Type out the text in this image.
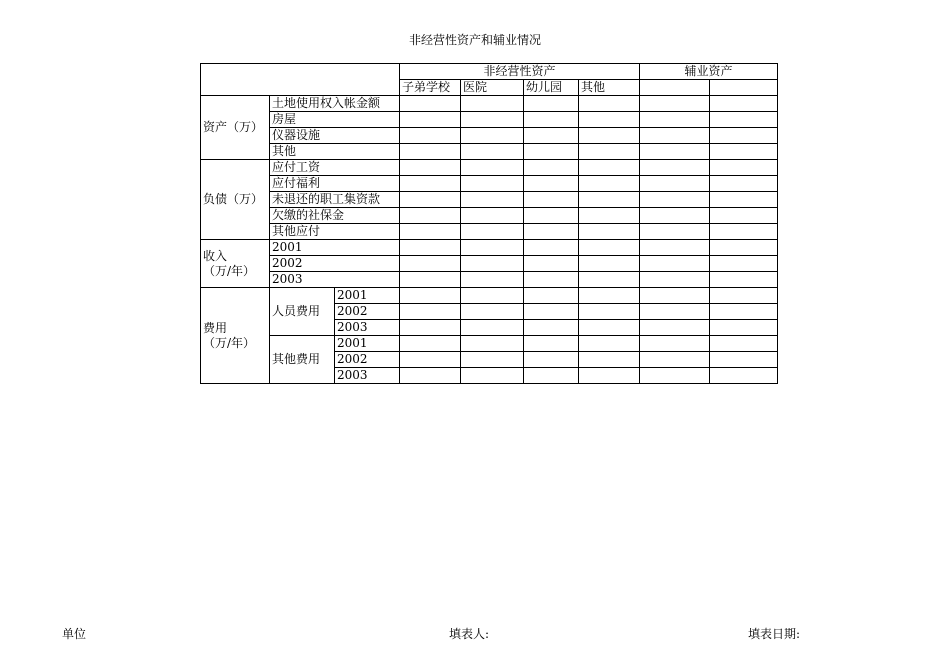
非经营性资产和辅业情况
			非经营性资产				辅业资产	
			子弟学校	医院	幼儿园	其他		
资产（万）	土地使用权入帐金额							
	房屋							
	仪器设施							
	其他							
负债（万）	应付工资							
	应付福利							
	未退还的职工集资款							
	欠缴的社保金							
	其他应付							

收入
（万/年）	2001							
	2002							
	2003							

费用
（万/年）	人员费用	2001						
		2002						
		2003						
	其他费用	2001						
		2002						
		2003						
单位	填表人:	填表日期:
